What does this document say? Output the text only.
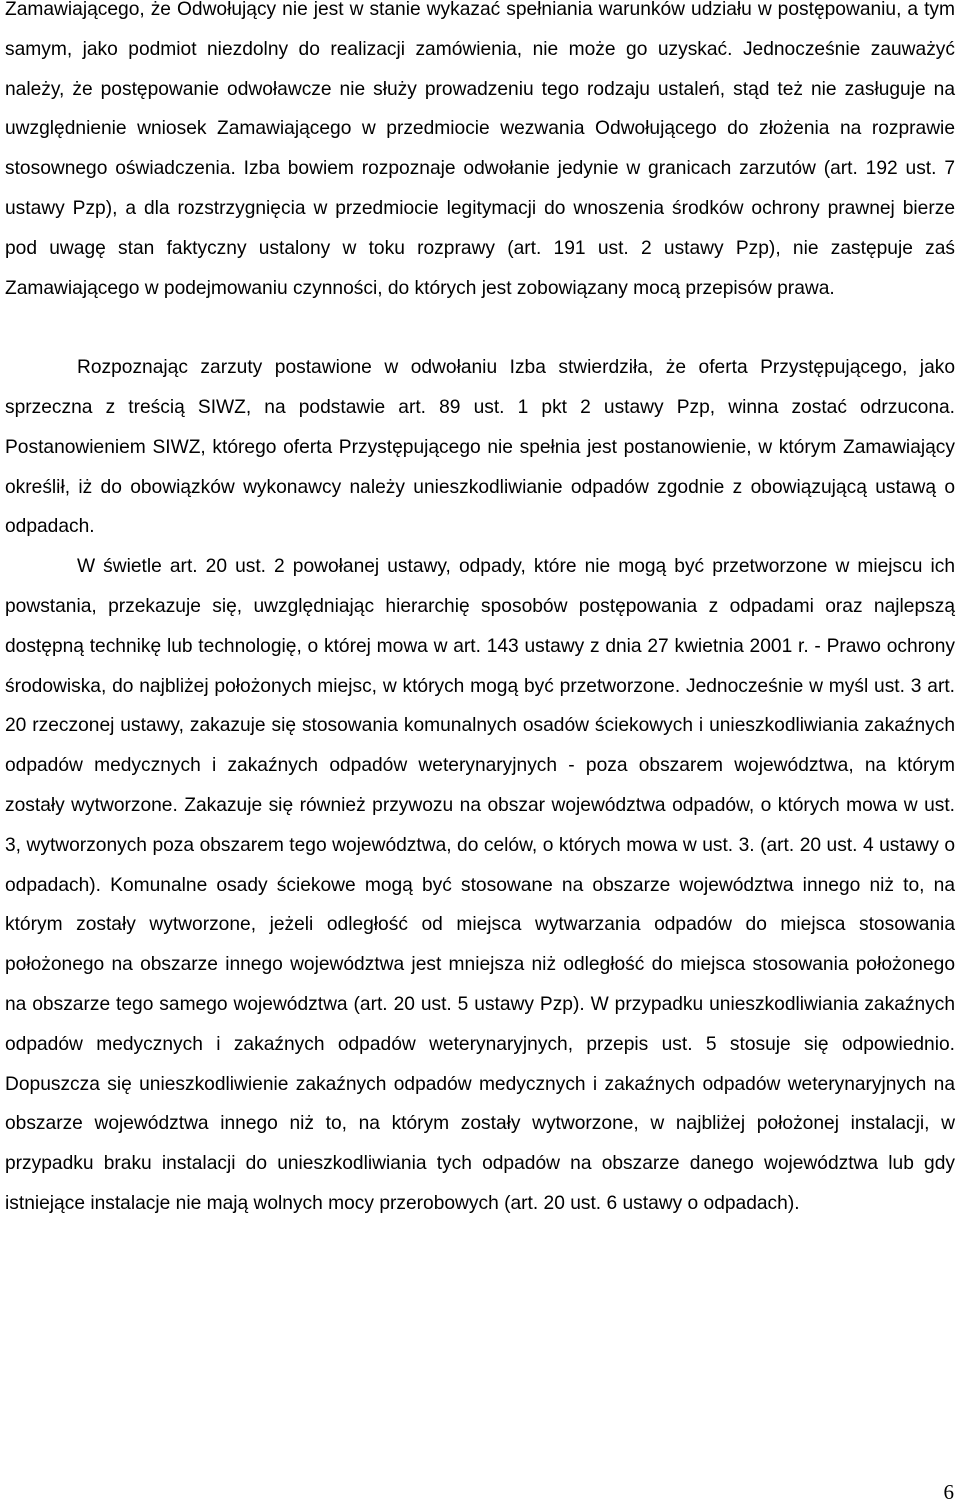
Zamawiającego, że Odwołujący nie jest w stanie wykazać spełniania warunków udziału w postępowaniu, a tym samym, jako podmiot niezdolny do realizacji zamówienia, nie może go uzyskać. Jednocześnie zauważyć należy, że postępowanie odwoławcze nie służy prowadzeniu tego rodzaju ustaleń, stąd też nie zasługuje na uwzględnienie wniosek Zamawiającego w przedmiocie wezwania Odwołującego do złożenia na rozprawie stosownego oświadczenia. Izba bowiem rozpoznaje odwołanie jedynie w granicach zarzutów (art. 192 ust. 7 ustawy Pzp), a dla rozstrzygnięcia w przedmiocie legitymacji do wnoszenia środków ochrony prawnej bierze pod uwagę stan faktyczny ustalony w toku rozprawy (art. 191 ust. 2 ustawy Pzp), nie zastępuje zaś Zamawiającego w podejmowaniu czynności, do których jest zobowiązany mocą przepisów prawa.

Rozpoznając zarzuty postawione w odwołaniu Izba stwierdziła, że oferta Przystępującego, jako sprzeczna z treścią SIWZ, na podstawie art. 89 ust. 1 pkt 2 ustawy Pzp, winna zostać odrzucona. Postanowieniem SIWZ, którego oferta Przystępującego nie spełnia jest postanowienie, w którym Zamawiający określił, iż do obowiązków wykonawcy należy unieszkodliwianie odpadów zgodnie z obowiązującą ustawą o odpadach.

W świetle art. 20 ust. 2 powołanej ustawy, odpady, które nie mogą być przetworzone w miejscu ich powstania, przekazuje się, uwzględniając hierarchię sposobów postępowania z odpadami oraz najlepszą dostępną technikę lub technologię, o której mowa w art. 143 ustawy z dnia 27 kwietnia 2001 r. - Prawo ochrony środowiska, do najbliżej położonych miejsc, w których mogą być przetworzone. Jednocześnie w myśl ust. 3 art. 20 rzeczonej ustawy, zakazuje się stosowania komunalnych osadów ściekowych i unieszkodliwiania zakaźnych odpadów medycznych i zakaźnych odpadów weterynaryjnych - poza obszarem województwa, na którym zostały wytworzone. Zakazuje się również przywozu na obszar województwa odpadów, o których mowa w ust. 3, wytworzonych poza obszarem tego województwa, do celów, o których mowa w ust. 3. (art. 20 ust. 4 ustawy o odpadach). Komunalne osady ściekowe mogą być stosowane na obszarze województwa innego niż to, na którym zostały wytworzone, jeżeli odległość od miejsca wytwarzania odpadów do miejsca stosowania położonego na obszarze innego województwa jest mniejsza niż odległość do miejsca stosowania położonego na obszarze tego samego województwa (art. 20 ust. 5 ustawy Pzp). W przypadku unieszkodliwiania zakaźnych odpadów medycznych i zakaźnych odpadów weterynaryjnych, przepis ust. 5 stosuje się odpowiednio. Dopuszcza się unieszkodliwienie zakaźnych odpadów medycznych i zakaźnych odpadów weterynaryjnych na obszarze województwa innego niż to, na którym zostały wytworzone, w najbliżej położonej instalacji, w przypadku braku instalacji do unieszkodliwiania tych odpadów na obszarze danego województwa lub gdy istniejące instalacje nie mają wolnych mocy przerobowych (art. 20 ust. 6 ustawy o odpadach).

6
